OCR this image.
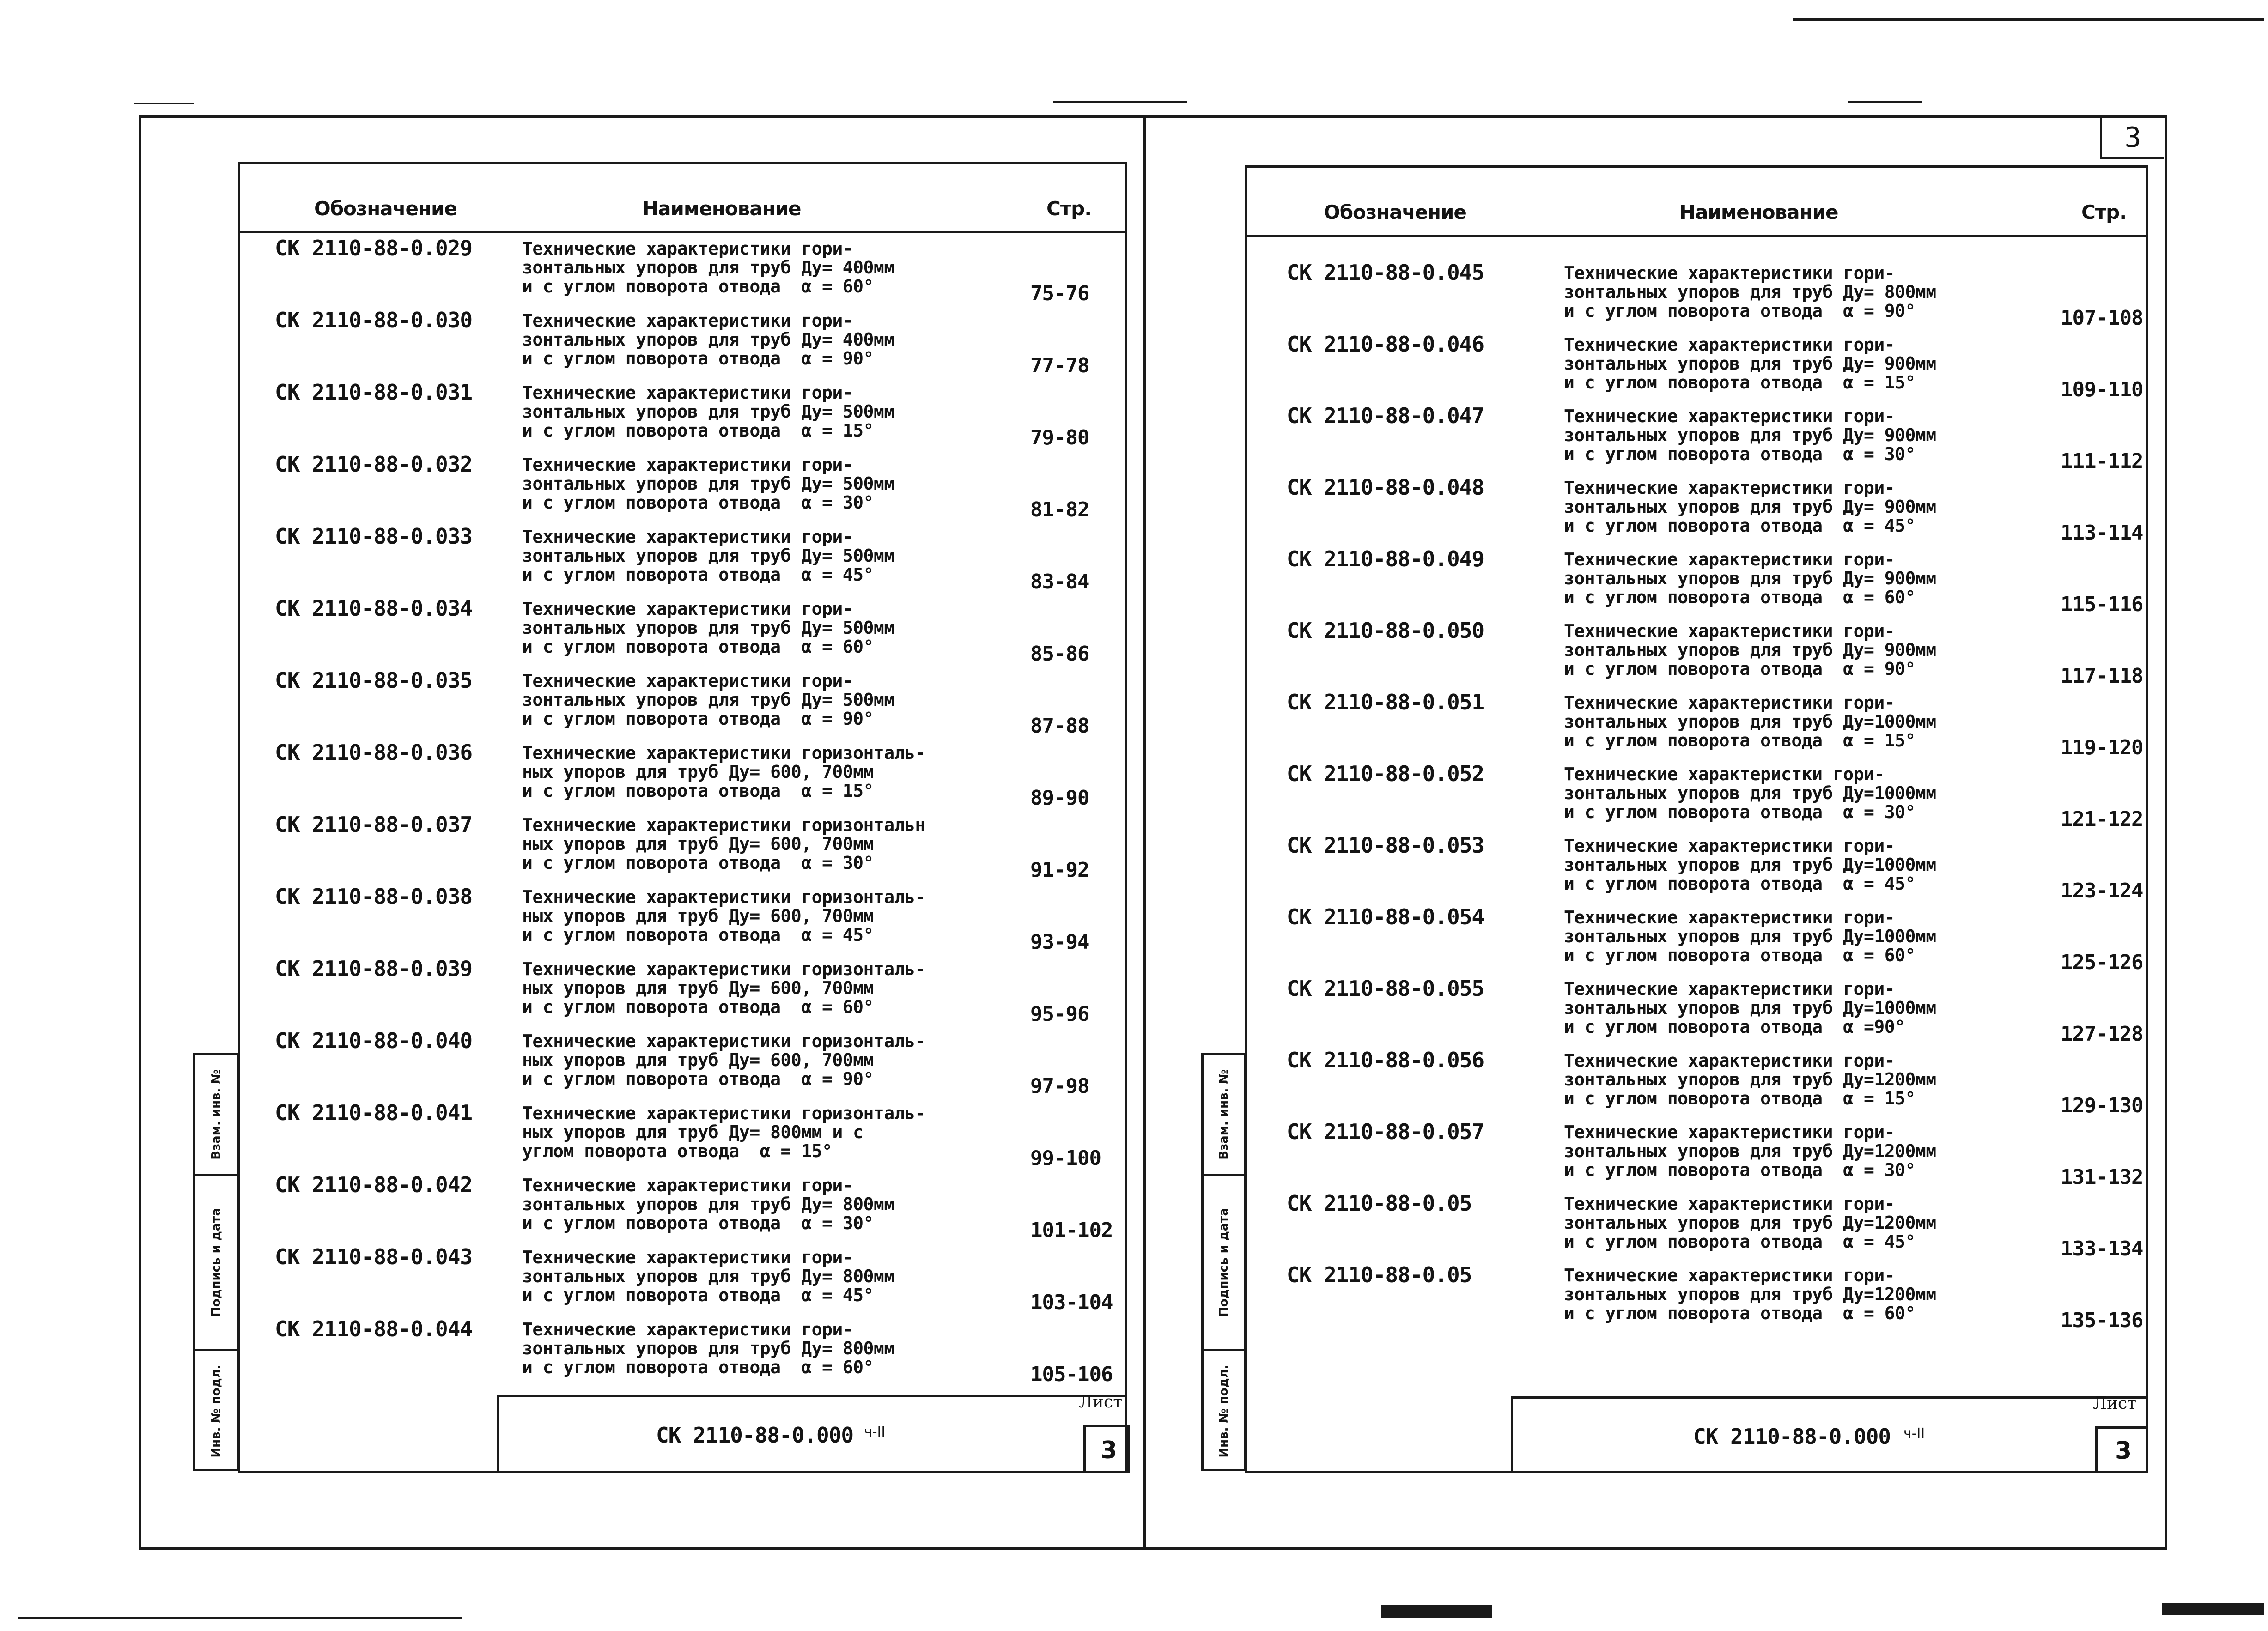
3
Обозначение	Наименование	Стр.
СК 2110-88-0.029	Технические характеристики гори-
зонтальных упоров для труб Ду= 400мм
и с углом поворота отвода  α = 60°	75-76
СК 2110-88-0.030	Технические характеристики гори-
зонтальных упоров для труб Ду= 400мм
и с углом поворота отвода  α = 90°	77-78
СК 2110-88-0.031	Технические характеристики гори-
зонтальных упоров для труб Ду= 500мм
и с углом поворота отвода  α = 15°	79-80
СК 2110-88-0.032	Технические характеристики гори-
зонтальных упоров для труб Ду= 500мм
и с углом поворота отвода  α = 30°	81-82
СК 2110-88-0.033	Технические характеристики гори-
зонтальных упоров для труб Ду= 500мм
и с углом поворота отвода  α = 45°	83-84
СК 2110-88-0.034	Технические характеристики гори-
зонтальных упоров для труб Ду= 500мм
и с углом поворота отвода  α = 60°	85-86
СК 2110-88-0.035	Технические характеристики гори-
зонтальных упоров для труб Ду= 500мм
и с углом поворота отвода  α = 90°	87-88
СК 2110-88-0.036	Технические характеристики горизонталь-
ных упоров для труб Ду= 600, 700мм
и с углом поворота отвода  α = 15°	89-90
СК 2110-88-0.037	Технические характеристики горизонтальн
ных упоров для труб Ду= 600, 700мм
и с углом поворота отвода  α = 30°	91-92
СК 2110-88-0.038	Технические характеристики горизонталь-
ных упоров для труб Ду= 600, 700мм
и с углом поворота отвода  α = 45°	93-94
СК 2110-88-0.039	Технические характеристики горизонталь-
ных упоров для труб Ду= 600, 700мм
и с углом поворота отвода  α = 60°	95-96
СК 2110-88-0.040	Технические характеристики горизонталь-
ных упоров для труб Ду= 600, 700мм
и с углом поворота отвода  α = 90°	97-98
СК 2110-88-0.041	Технические характеристики горизонталь-
ных упоров для труб Ду= 800мм и с
углом поворота отвода  α = 15°	99-100
СК 2110-88-0.042	Технические характеристики гори-
зонтальных упоров для труб Ду= 800мм
и с углом поворота отвода  α = 30°	101-102
СК 2110-88-0.043	Технические характеристики гори-
зонтальных упоров для труб Ду= 800мм
и с углом поворота отвода  α = 45°	103-104
СК 2110-88-0.044	Технические характеристики гори-
зонтальных упоров для труб Ду= 800мм
и с углом поворота отвода  α = 60°	105-106
СК 2110-88-0.000 ч-II
3
Лист
Взам. инв. №
Подпись и дата
Инв. № подл.
Обозначение	Наименование	Стр.
СК 2110-88-0.045	Технические характеристики гори-
зонтальных упоров для труб Ду= 800мм
и с углом поворота отвода  α = 90°	107-108
СК 2110-88-0.046	Технические характеристики гори-
зонтальных упоров для труб Ду= 900мм
и с углом поворота отвода  α = 15°	109-110
СК 2110-88-0.047	Технические характеристики гори-
зонтальных упоров для труб Ду= 900мм
и с углом поворота отвода  α = 30°	111-112
СК 2110-88-0.048	Технические характеристики гори-
зонтальных упоров для труб Ду= 900мм
и с углом поворота отвода  α = 45°	113-114
СК 2110-88-0.049	Технические характеристики гори-
зонтальных упоров для труб Ду= 900мм
и с углом поворота отвода  α = 60°	115-116
СК 2110-88-0.050	Технические характеристики гори-
зонтальных упоров для труб Ду= 900мм
и с углом поворота отвода  α = 90°	117-118
СК 2110-88-0.051	Технические характеристики гори-
зонтальных упоров для труб Ду=1000мм
и с углом поворота отвода  α = 15°	119-120
СК 2110-88-0.052	Технические характеристки гори-
зонтальных упоров для труб Ду=1000мм
и с углом поворота отвода  α = 30°	121-122
СК 2110-88-0.053	Технические характеристики гори-
зонтальных упоров для труб Ду=1000мм
и с углом поворота отвода  α = 45°	123-124
СК 2110-88-0.054	Технические характеристики гори-
зонтальных упоров для труб Ду=1000мм
и с углом поворота отвода  α = 60°	125-126
СК 2110-88-0.055	Технические характеристики гори-
зонтальных упоров для труб Ду=1000мм
и с углом поворота отвода  α =90°	127-128
СК 2110-88-0.056	Технические характеристики гори-
зонтальных упоров для труб Ду=1200мм
и с углом поворота отвода  α = 15°	129-130
СК 2110-88-0.057	Технические характеристики гори-
зонтальных упоров для труб Ду=1200мм
и с углом поворота отвода  α = 30°	131-132
СК 2110-88-0.05	Технические характеристики гори-
зонтальных упоров для труб Ду=1200мм
и с углом поворота отвода  α = 45°	133-134
СК 2110-88-0.05	Технические характеристики гори-
зонтальных упоров для труб Ду=1200мм
и с углом поворота отвода  α = 60°	135-136
СК 2110-88-0.000 ч-II
3
Лист
Взам. инв. №
Подпись и дата
Инв. № подл.
